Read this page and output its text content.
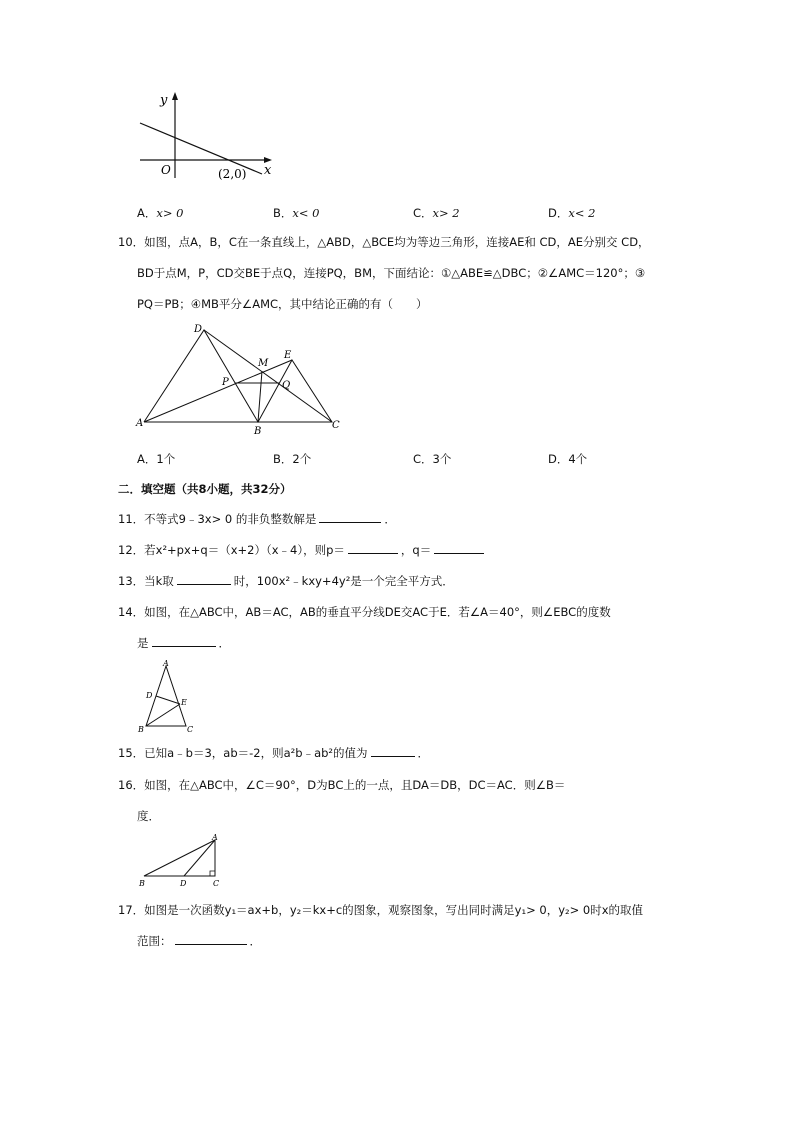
y
x
O	(2,0)
A．x> 0	B．x< 0	C．x> 2	D．x< 2
10．如图，点A，B，C在一条直线上，△ABD，△BCE均为等边三角形，连接AE和 CD，AE分别交 CD，
BD于点M，P，CD交BE于点Q，连接PQ，BM，下面结论：①△ABE≌△DBC；②∠AMC＝120°；③
PQ＝PB；④MB平分∠AMC，其中结论正确的有（　　）
D
E
M
P	Q
A
B
C
A．1个	B．2个	C．3个	D．4个
二．填空题（共8小题，共32分）
11．不等式9﹣3x> 0 的非负整数解是	．
12．若x²+px+q＝（x+2）（x﹣4），则p＝	，q＝
13．当k取	时，100x²﹣kxy+4y²是一个完全平方式．
14．如图，在△ABC中，AB＝AC，AB的垂直平分线DE交AC于E．若∠A＝40°，则∠EBC的度数
是	．
A
D
E
B	C
15．已知a﹣b＝3，ab＝-2，则a²b﹣ab²的值为	．
16．如图，在△ABC中，∠C＝90°，D为BC上的一点，且DA＝DB，DC＝AC．则∠B＝
度．
A
B	D	C
17．如图是一次函数y₁＝ax+b，y₂＝kx+c的图象，观察图象，写出同时满足y₁> 0，y₂> 0时x的取值
范围：	．
